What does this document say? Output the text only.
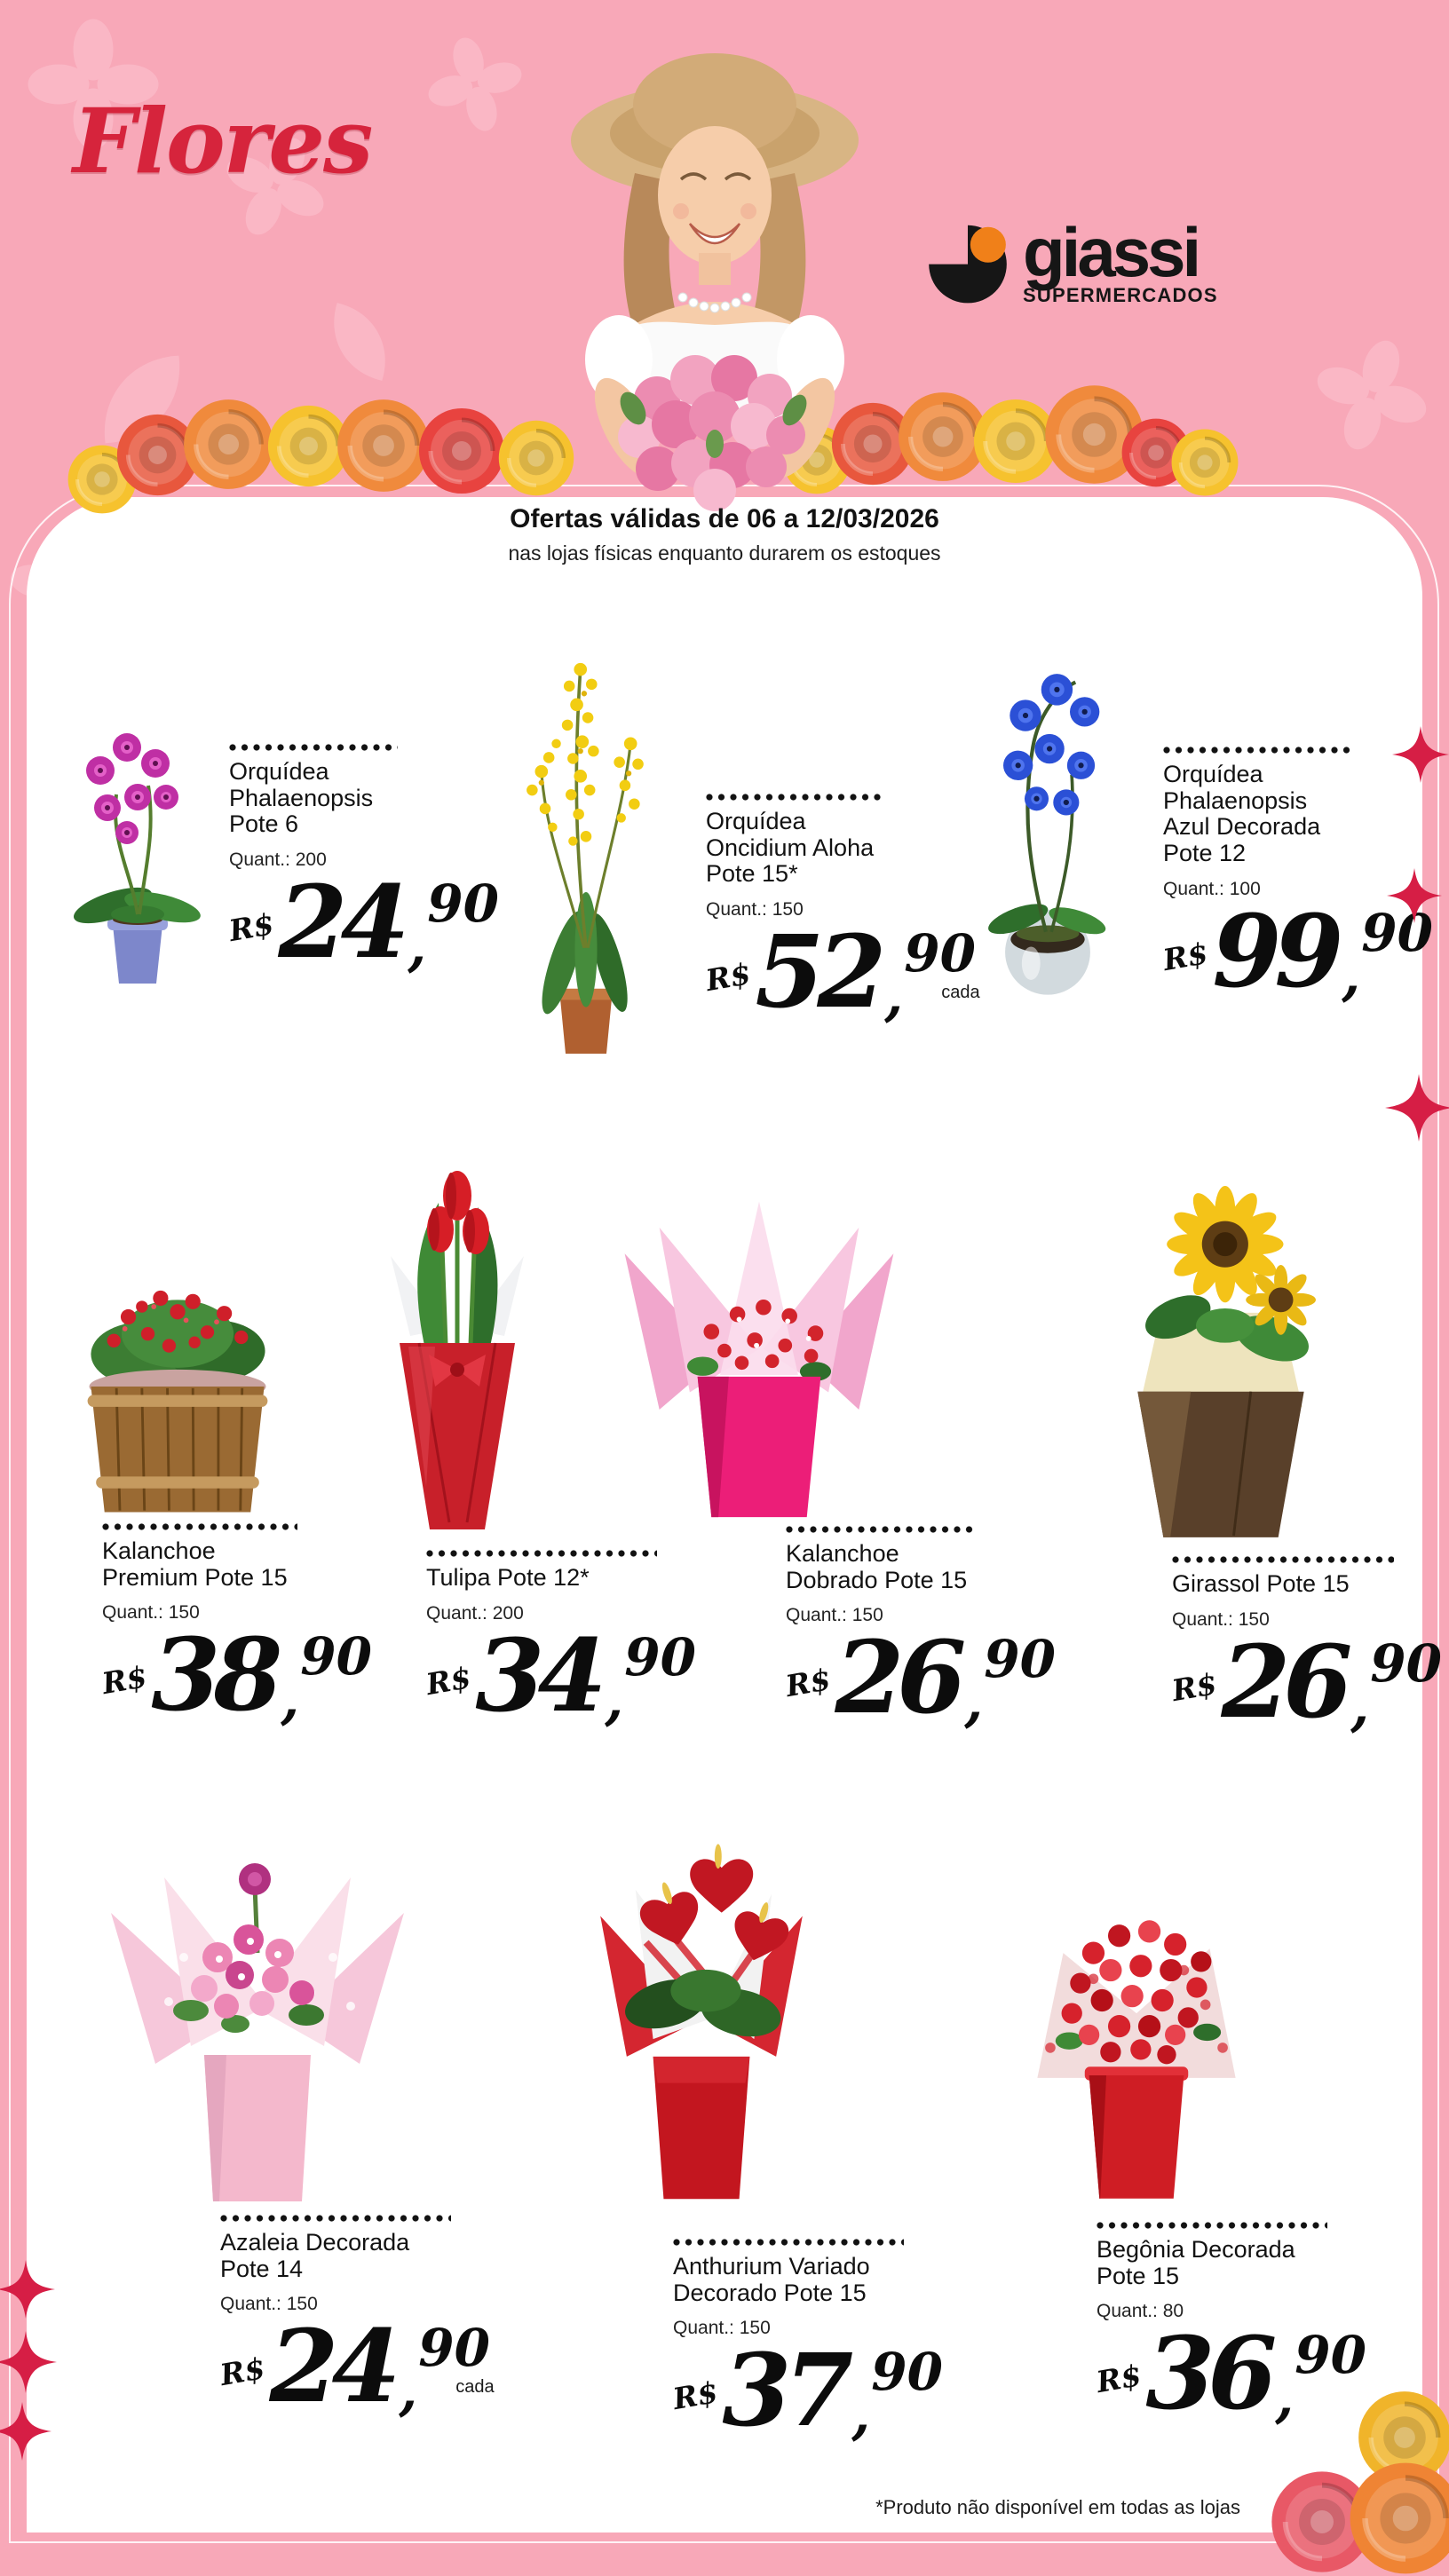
Flores
giassi
SUPERMERCADOS
Ofertas válidas de 06 a 12/03/2026
nas lojas físicas enquanto durarem os estoques
Orquídea Phalaenopsis Pote 6
Quant.: 200
R$ 24 ,
90
Orquídea Oncidium Aloha Pote 15*
Quant.: 150
R$ 52 ,
90
cada
Orquídea Phalaenopsis Azul Decorada Pote 12
Quant.: 100
R$ 99 ,
90
Kalanchoe Premium Pote 15
Quant.: 150
R$ 38 ,
90
Tulipa Pote 12*
Quant.: 200
R$ 34 ,
90
Kalanchoe Dobrado Pote 15
Quant.: 150
R$ 26 ,
90
Girassol Pote 15
Quant.: 150
R$ 26 ,
90
Azaleia Decorada Pote 14
Quant.: 150
R$ 24 ,
90
cada
Anthurium Variado Decorado Pote 15
Quant.: 150
R$ 37 ,
90
Begônia Decorada Pote 15
Quant.: 80
R$ 36 ,
90
*Produto não disponível em todas as lojas
